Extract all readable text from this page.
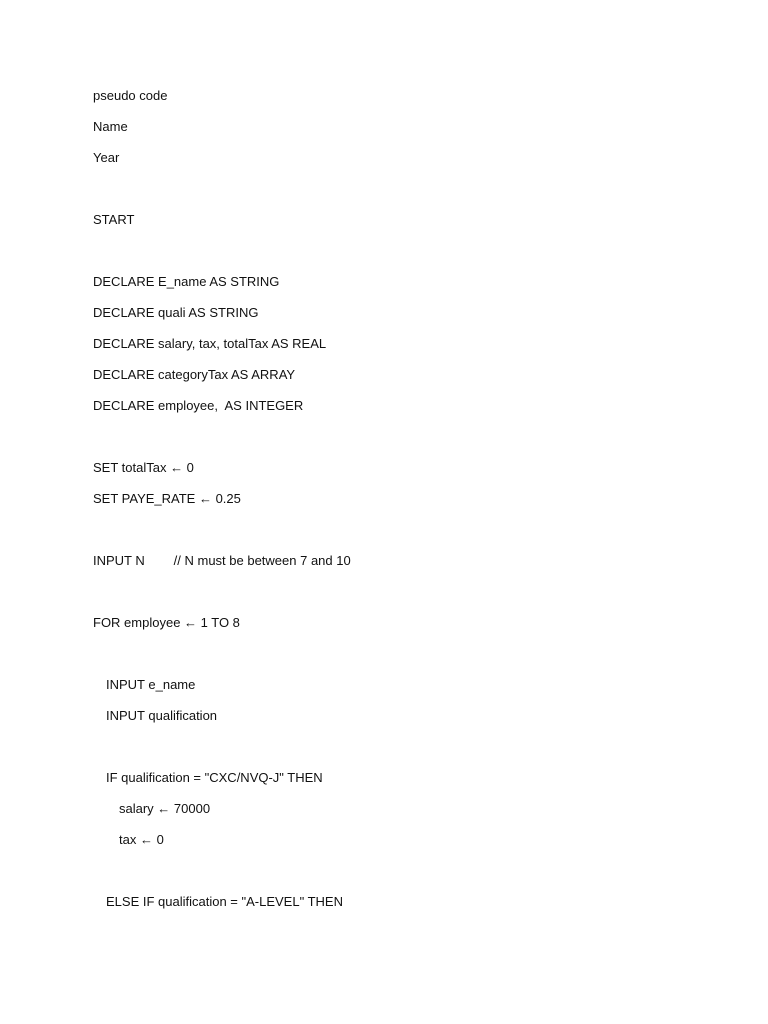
pseudo code
Name
Year
START
DECLARE E_name AS STRING
DECLARE quali AS STRING
DECLARE salary, tax, totalTax AS REAL
DECLARE categoryTax AS ARRAY
DECLARE employee,  AS INTEGER
SET totalTax ← 0
SET PAYE_RATE ← 0.25
INPUT N        // N must be between 7 and 10
FOR employee ← 1 TO 8
INPUT e_name
INPUT qualification
IF qualification = "CXC/NVQ-J" THEN
salary ← 70000
tax ← 0
ELSE IF qualification = "A-LEVEL" THEN
